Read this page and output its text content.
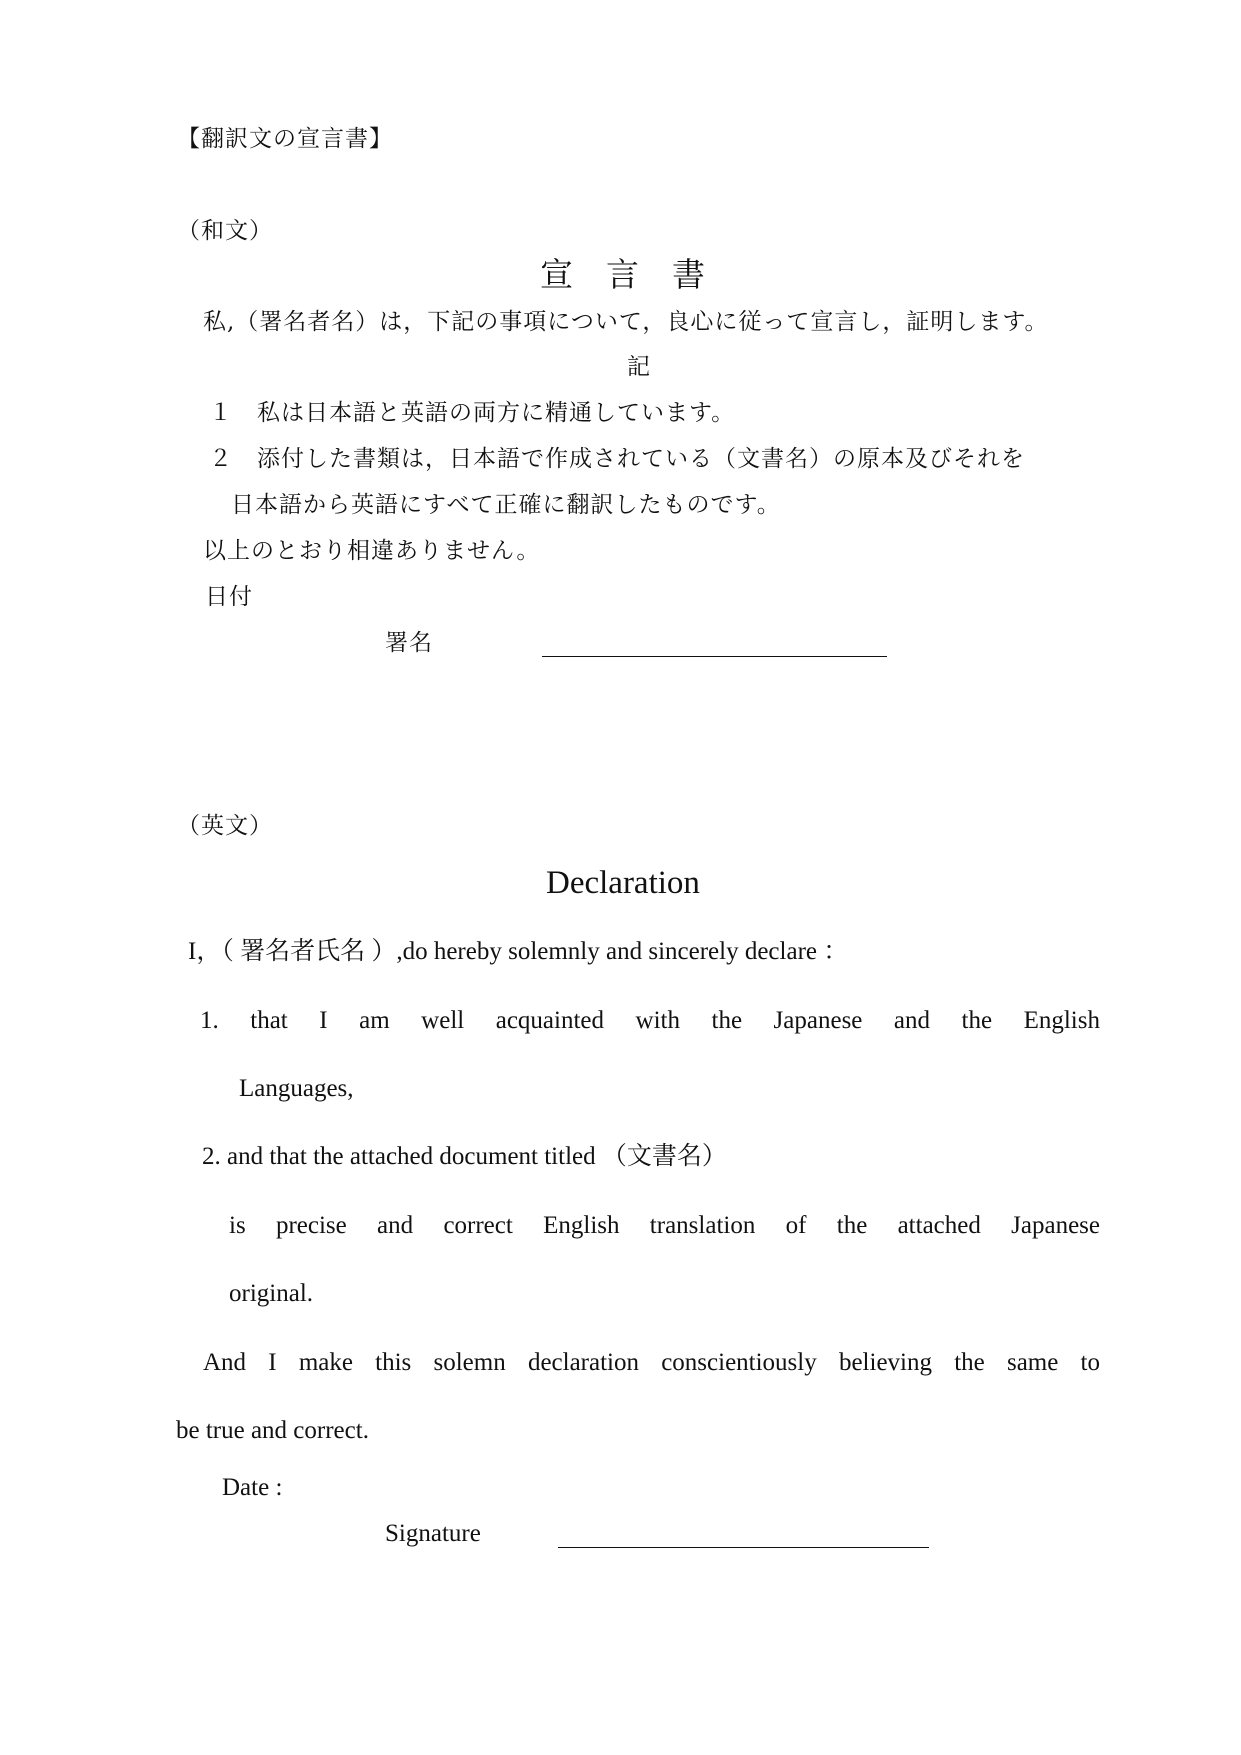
【翻訳文の宣言書】

（和文）

宣　言　書

私,（署名者名）は，下記の事項について，良心に従って宣言し，証明します。

記

１　私は日本語と英語の両方に精通しています。

２　添付した書類は，日本語で作成されている（文書名）の原本及びそれを

日本語から英語にすべて正確に翻訳したものです。

以上のとおり相違ありません。

日付

署名

（英文）

Declaration

I，（ 署名者氏名 ）,do hereby solemnly and sincerely declare ：

1. that I am well acquainted with the Japanese and the English

Languages,

2. and that the attached document titled （文書名）

is precise and correct English translation of the attached Japanese

original.

And I make this solemn declaration conscientiously believing the same to

be true and correct.

Date :

Signature
